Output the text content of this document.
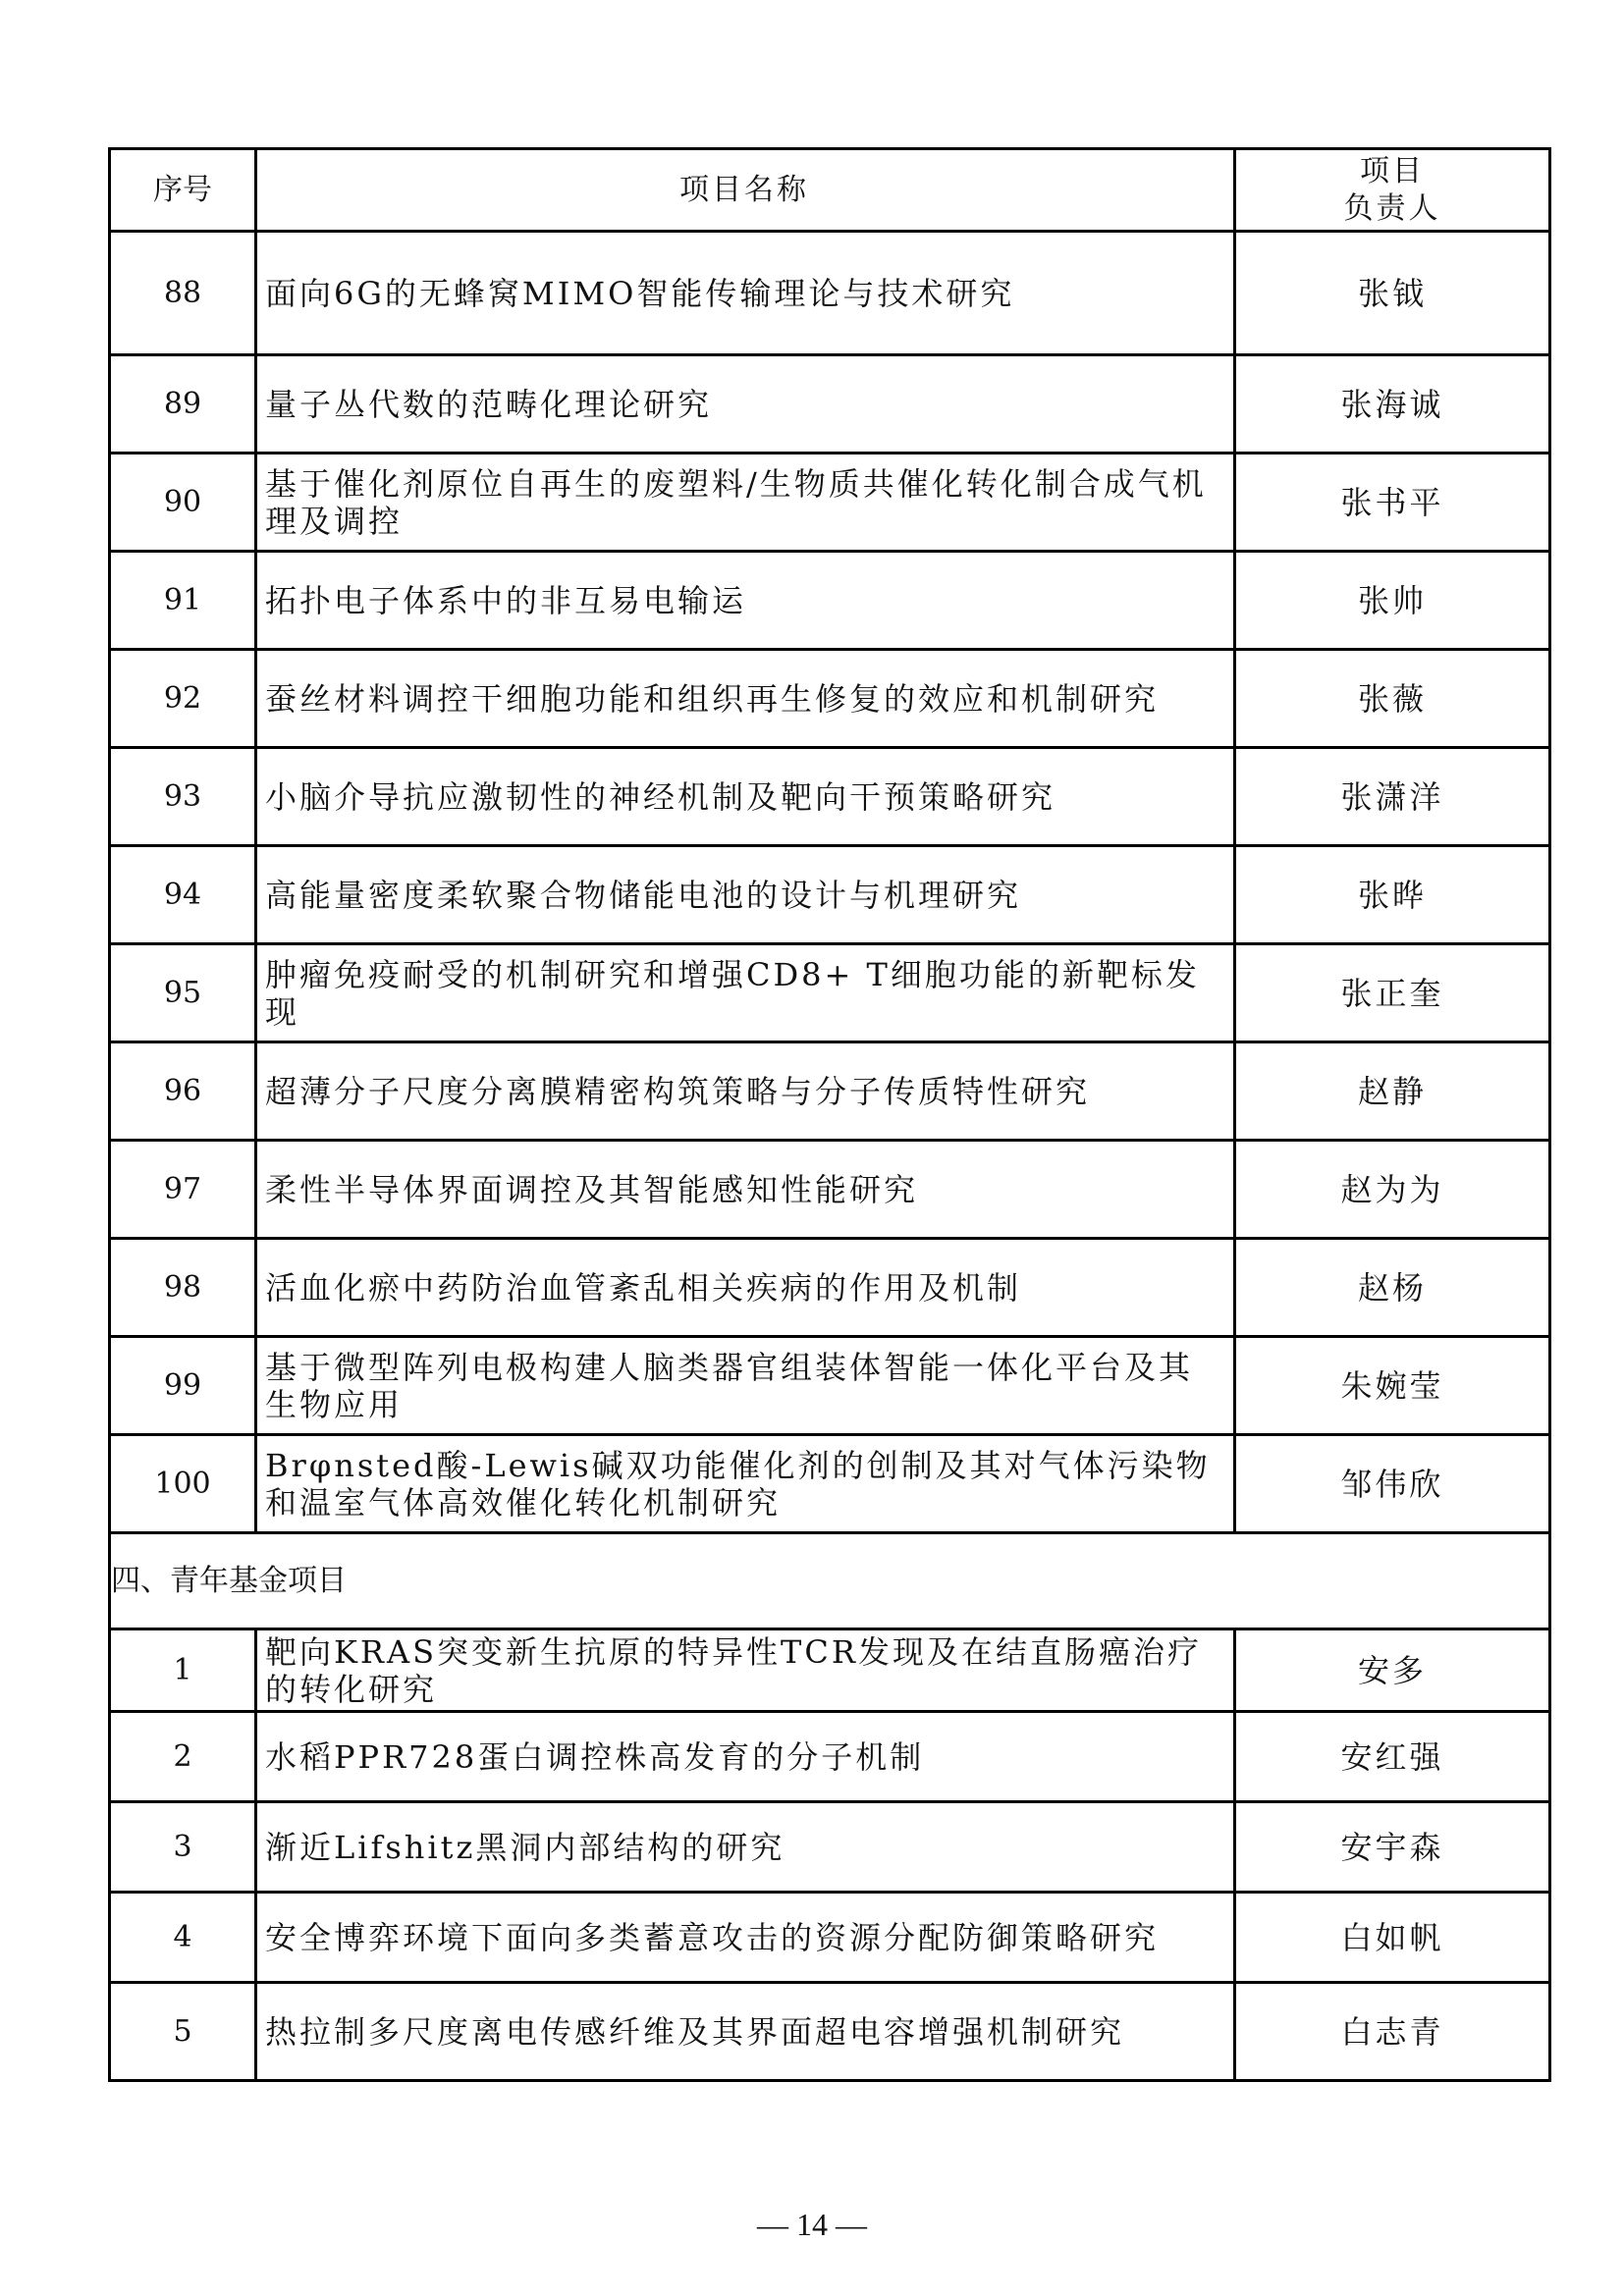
序号	项目名称	项目
负责人

88	面向6G的无蜂窝MIMO智能传输理论与技术研究	张钺
89	量子丛代数的范畴化理论研究	张海诚
90	基于催化剂原位自再生的废塑料/生物质共催化转化制合成气机理及调控	张书平
91	拓扑电子体系中的非互易电输运	张帅
92	蚕丝材料调控干细胞功能和组织再生修复的效应和机制研究	张薇
93	小脑介导抗应激韧性的神经机制及靶向干预策略研究	张潇洋
94	高能量密度柔软聚合物储能电池的设计与机理研究	张晔
95	肿瘤免疫耐受的机制研究和增强CD8+ T细胞功能的新靶标发现	张正奎
96	超薄分子尺度分离膜精密构筑策略与分子传质特性研究	赵静
97	柔性半导体界面调控及其智能感知性能研究	赵为为
98	活血化瘀中药防治血管紊乱相关疾病的作用及机制	赵杨
99	基于微型阵列电极构建人脑类器官组装体智能一体化平台及其生物应用	朱婉莹
100	Brφnsted酸-Lewis碱双功能催化剂的创制及其对气体污染物和温室气体高效催化转化机制研究	邹伟欣
四、青年基金项目		
1	靶向KRAS突变新生抗原的特异性TCR发现及在结直肠癌治疗的转化研究	安多
2	水稻PPR728蛋白调控株高发育的分子机制	安红强
3	渐近Lifshitz黑洞内部结构的研究	安宇森
4	安全博弈环境下面向多类蓄意攻击的资源分配防御策略研究	白如帆
5	热拉制多尺度离电传感纤维及其界面超电容增强机制研究	白志青
— 14 —
